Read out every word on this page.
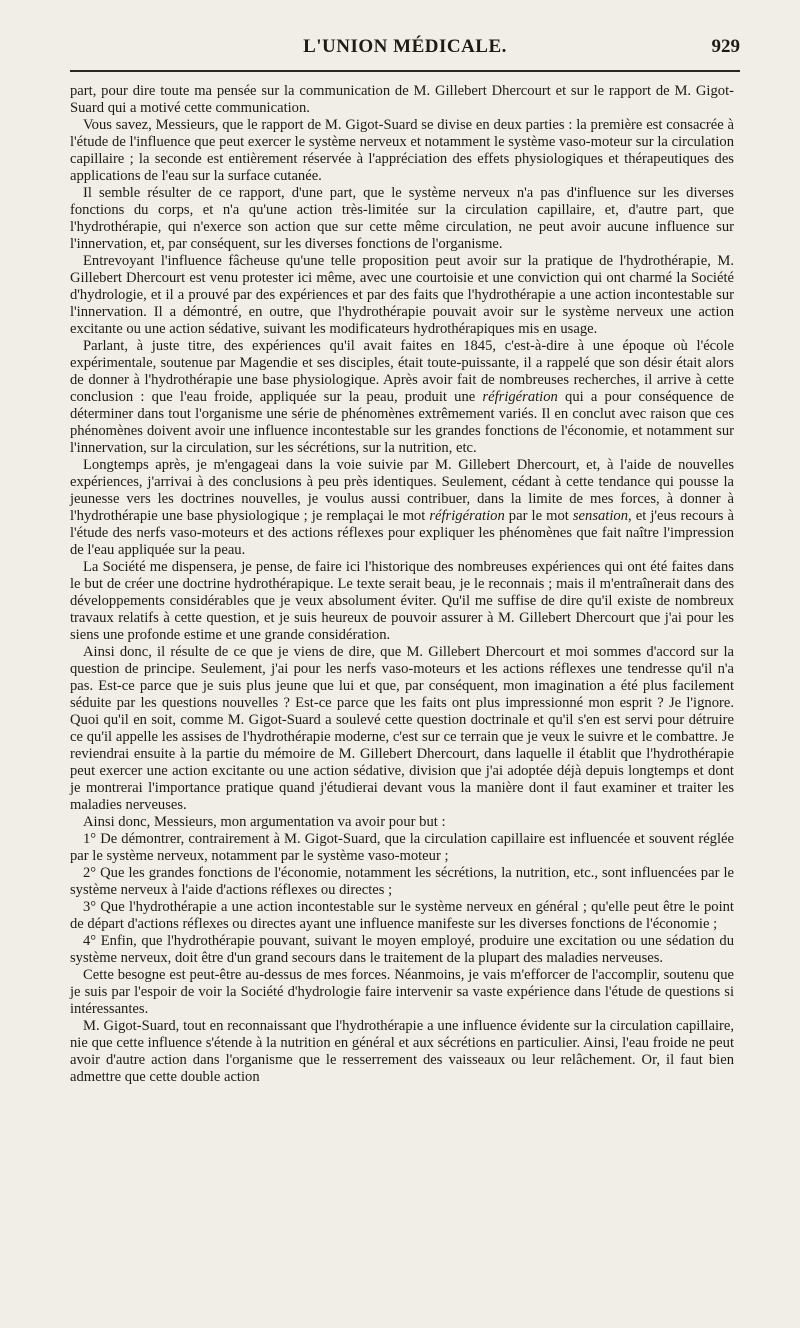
L'UNION MÉDICALE.	929

part, pour dire toute ma pensée sur la communication de M. Gillebert Dhercourt et sur le rapport de M. Gigot-Suard qui a motivé cette communication.

Vous savez, Messieurs, que le rapport de M. Gigot-Suard se divise en deux parties : la première est consacrée à l'étude de l'influence que peut exercer le système nerveux et notamment le système vaso-moteur sur la circulation capillaire ; la seconde est entièrement réservée à l'appréciation des effets physiologiques et thérapeutiques des applications de l'eau sur la surface cutanée.

Il semble résulter de ce rapport, d'une part, que le système nerveux n'a pas d'influence sur les diverses fonctions du corps, et n'a qu'une action très-limitée sur la circulation capillaire, et, d'autre part, que l'hydrothérapie, qui n'exerce son action que sur cette même circulation, ne peut avoir aucune influence sur l'innervation, et, par conséquent, sur les diverses fonctions de l'organisme.

Entrevoyant l'influence fâcheuse qu'une telle proposition peut avoir sur la pratique de l'hydrothérapie, M. Gillebert Dhercourt est venu protester ici même, avec une courtoisie et une conviction qui ont charmé la Société d'hydrologie, et il a prouvé par des expériences et par des faits que l'hydrothérapie a une action incontestable sur l'innervation. Il a démontré, en outre, que l'hydrothérapie pouvait avoir sur le système nerveux une action excitante ou une action sédative, suivant les modificateurs hydrothérapiques mis en usage.

Parlant, à juste titre, des expériences qu'il avait faites en 1845, c'est-à-dire à une époque où l'école expérimentale, soutenue par Magendie et ses disciples, était toute-puissante, il a rappelé que son désir était alors de donner à l'hydrothérapie une base physiologique. Après avoir fait de nombreuses recherches, il arrive à cette conclusion : que l'eau froide, appliquée sur la peau, produit une réfrigération qui a pour conséquence de déterminer dans tout l'organisme une série de phénomènes extrêmement variés. Il en conclut avec raison que ces phénomènes doivent avoir une influence incontestable sur les grandes fonctions de l'économie, et notamment sur l'innervation, sur la circulation, sur les sécrétions, sur la nutrition, etc.

Longtemps après, je m'engageai dans la voie suivie par M. Gillebert Dhercourt, et, à l'aide de nouvelles expériences, j'arrivai à des conclusions à peu près identiques. Seulement, cédant à cette tendance qui pousse la jeunesse vers les doctrines nouvelles, je voulus aussi contribuer, dans la limite de mes forces, à donner à l'hydrothérapie une base physiologique ; je remplaçai le mot réfrigération par le mot sensation, et j'eus recours à l'étude des nerfs vaso-moteurs et des actions réflexes pour expliquer les phénomènes que fait naître l'impression de l'eau appliquée sur la peau.

La Société me dispensera, je pense, de faire ici l'historique des nombreuses expériences qui ont été faites dans le but de créer une doctrine hydrothérapique. Le texte serait beau, je le reconnais ; mais il m'entraînerait dans des développements considérables que je veux absolument éviter. Qu'il me suffise de dire qu'il existe de nombreux travaux relatifs à cette question, et je suis heureux de pouvoir assurer à M. Gillebert Dhercourt que j'ai pour les siens une profonde estime et une grande considération.

Ainsi donc, il résulte de ce que je viens de dire, que M. Gillebert Dhercourt et moi sommes d'accord sur la question de principe. Seulement, j'ai pour les nerfs vaso-moteurs et les actions réflexes une tendresse qu'il n'a pas. Est-ce parce que je suis plus jeune que lui et que, par conséquent, mon imagination a été plus facilement séduite par les questions nouvelles ? Est-ce parce que les faits ont plus impressionné mon esprit ? Je l'ignore. Quoi qu'il en soit, comme M. Gigot-Suard a soulevé cette question doctrinale et qu'il s'en est servi pour détruire ce qu'il appelle les assises de l'hydrothérapie moderne, c'est sur ce terrain que je veux le suivre et le combattre. Je reviendrai ensuite à la partie du mémoire de M. Gillebert Dhercourt, dans laquelle il établit que l'hydrothérapie peut exercer une action excitante ou une action sédative, division que j'ai adoptée déjà depuis longtemps et dont je montrerai l'importance pratique quand j'étudierai devant vous la manière dont il faut examiner et traiter les maladies nerveuses.

Ainsi donc, Messieurs, mon argumentation va avoir pour but :

1° De démontrer, contrairement à M. Gigot-Suard, que la circulation capillaire est influencée et souvent réglée par le système nerveux, notamment par le système vaso-moteur ;

2° Que les grandes fonctions de l'économie, notamment les sécrétions, la nutrition, etc., sont influencées par le système nerveux à l'aide d'actions réflexes ou directes ;

3° Que l'hydrothérapie a une action incontestable sur le système nerveux en général ; qu'elle peut être le point de départ d'actions réflexes ou directes ayant une influence manifeste sur les diverses fonctions de l'économie ;

4° Enfin, que l'hydrothérapie pouvant, suivant le moyen employé, produire une excitation ou une sédation du système nerveux, doit être d'un grand secours dans le traitement de la plupart des maladies nerveuses.

Cette besogne est peut-être au-dessus de mes forces. Néanmoins, je vais m'efforcer de l'accomplir, soutenu que je suis par l'espoir de voir la Société d'hydrologie faire intervenir sa vaste expérience dans l'étude de questions si intéressantes.

M. Gigot-Suard, tout en reconnaissant que l'hydrothérapie a une influence évidente sur la circulation capillaire, nie que cette influence s'étende à la nutrition en général et aux sécrétions en particulier. Ainsi, l'eau froide ne peut avoir d'autre action dans l'organisme que le resserrement des vaisseaux ou leur relâchement. Or, il faut bien admettre que cette double action
